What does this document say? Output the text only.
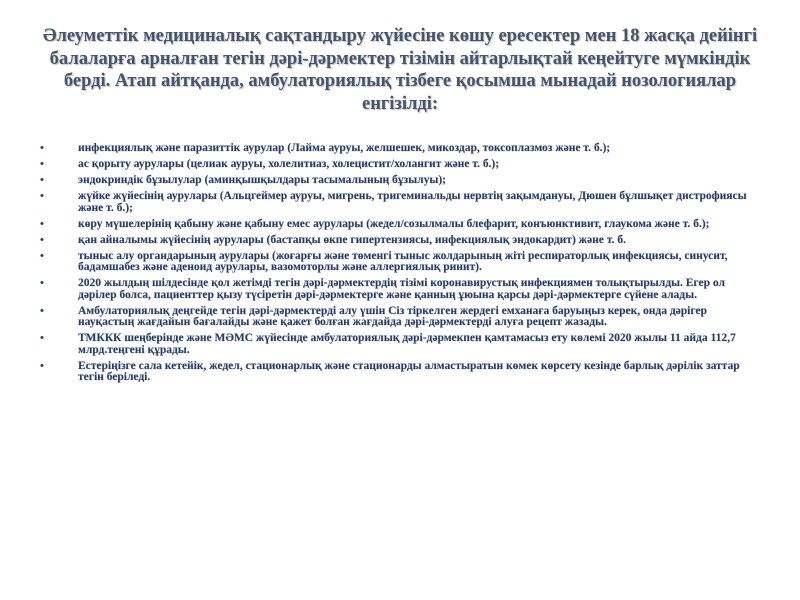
Әлеуметтік медициналық сақтандыру жүйесіне көшу ересектер мен 18 жасқа дейінгі балаларға арналған тегін дәрі-дәрмектер тізімін айтарлықтай кеңейтуге мүмкіндік берді. Атап айтқанда, амбулаториялық тізбеге қосымша мынадай нозологиялар енгізілді:
•	инфекциялық және паразиттік аурулар (Лайма ауруы, желшешек, микоздар, токсоплазмоз және т. б.);
•	ас қорыту аурулары (целиак ауруы, холелитиаз, холецистит/холангит және т. б.);
•	эндокриндік бұзылулар (аминқышқылдары тасымалының бұзылуы);
•	жүйке жүйесінің аурулары (Альцгеймер ауруы, мигрень, тригеминальды нервтің зақымдануы, Дюшен бұлшықет дистрофиясы және т. б.);
•	көру мүшелерінің қабыну және қабыну емес аурулары (жедел/созылмалы блефарит, конъюнктивит, глаукома және т. б.);
•	қан айналымы жүйесінің аурулары (бастапқы өкпе гипертензиясы, инфекциялық эндокардит) және т. б.
•	тыныс алу органдарының аурулары (жоғарғы және төменгі тыныс жолдарының жіті респираторлық инфекциясы, синусит, бадамшабез және аденоид аурулары, вазомоторлы және аллергиялық ринит).
•	2020 жылдың шілдесінде қол жетімді тегін дәрі-дәрмектердің тізімі коронавирустық инфекциямен толықтырылды. Егер ол дәрілер болса, пациенттер қызу түсіретін дәрі-дәрмектерге және қанның ұюына қарсы дәрі-дәрмектерге сүйене алады.
•	Амбулаториялық деңгейде тегін дәрі-дәрмектерді алу үшін Сіз тіркелген жердегі емханаға баруыңыз керек, онда дәрігер науқастың жағдайын бағалайды және қажет болған жағдайда дәрі-дәрмектерді алуға рецепт жазады.
•	ТМККК шеңберінде және МӘМС жүйесінде амбулаториялық дәрі-дәрмекпен қамтамасыз ету көлемі 2020 жылы 11 айда 112,7 млрд.теңгені құрады.
•	Естеріңізге сала кетейік, жедел, стационарлық және стационарды алмастыратын көмек көрсету кезінде барлық дәрілік заттар тегін беріледі.
